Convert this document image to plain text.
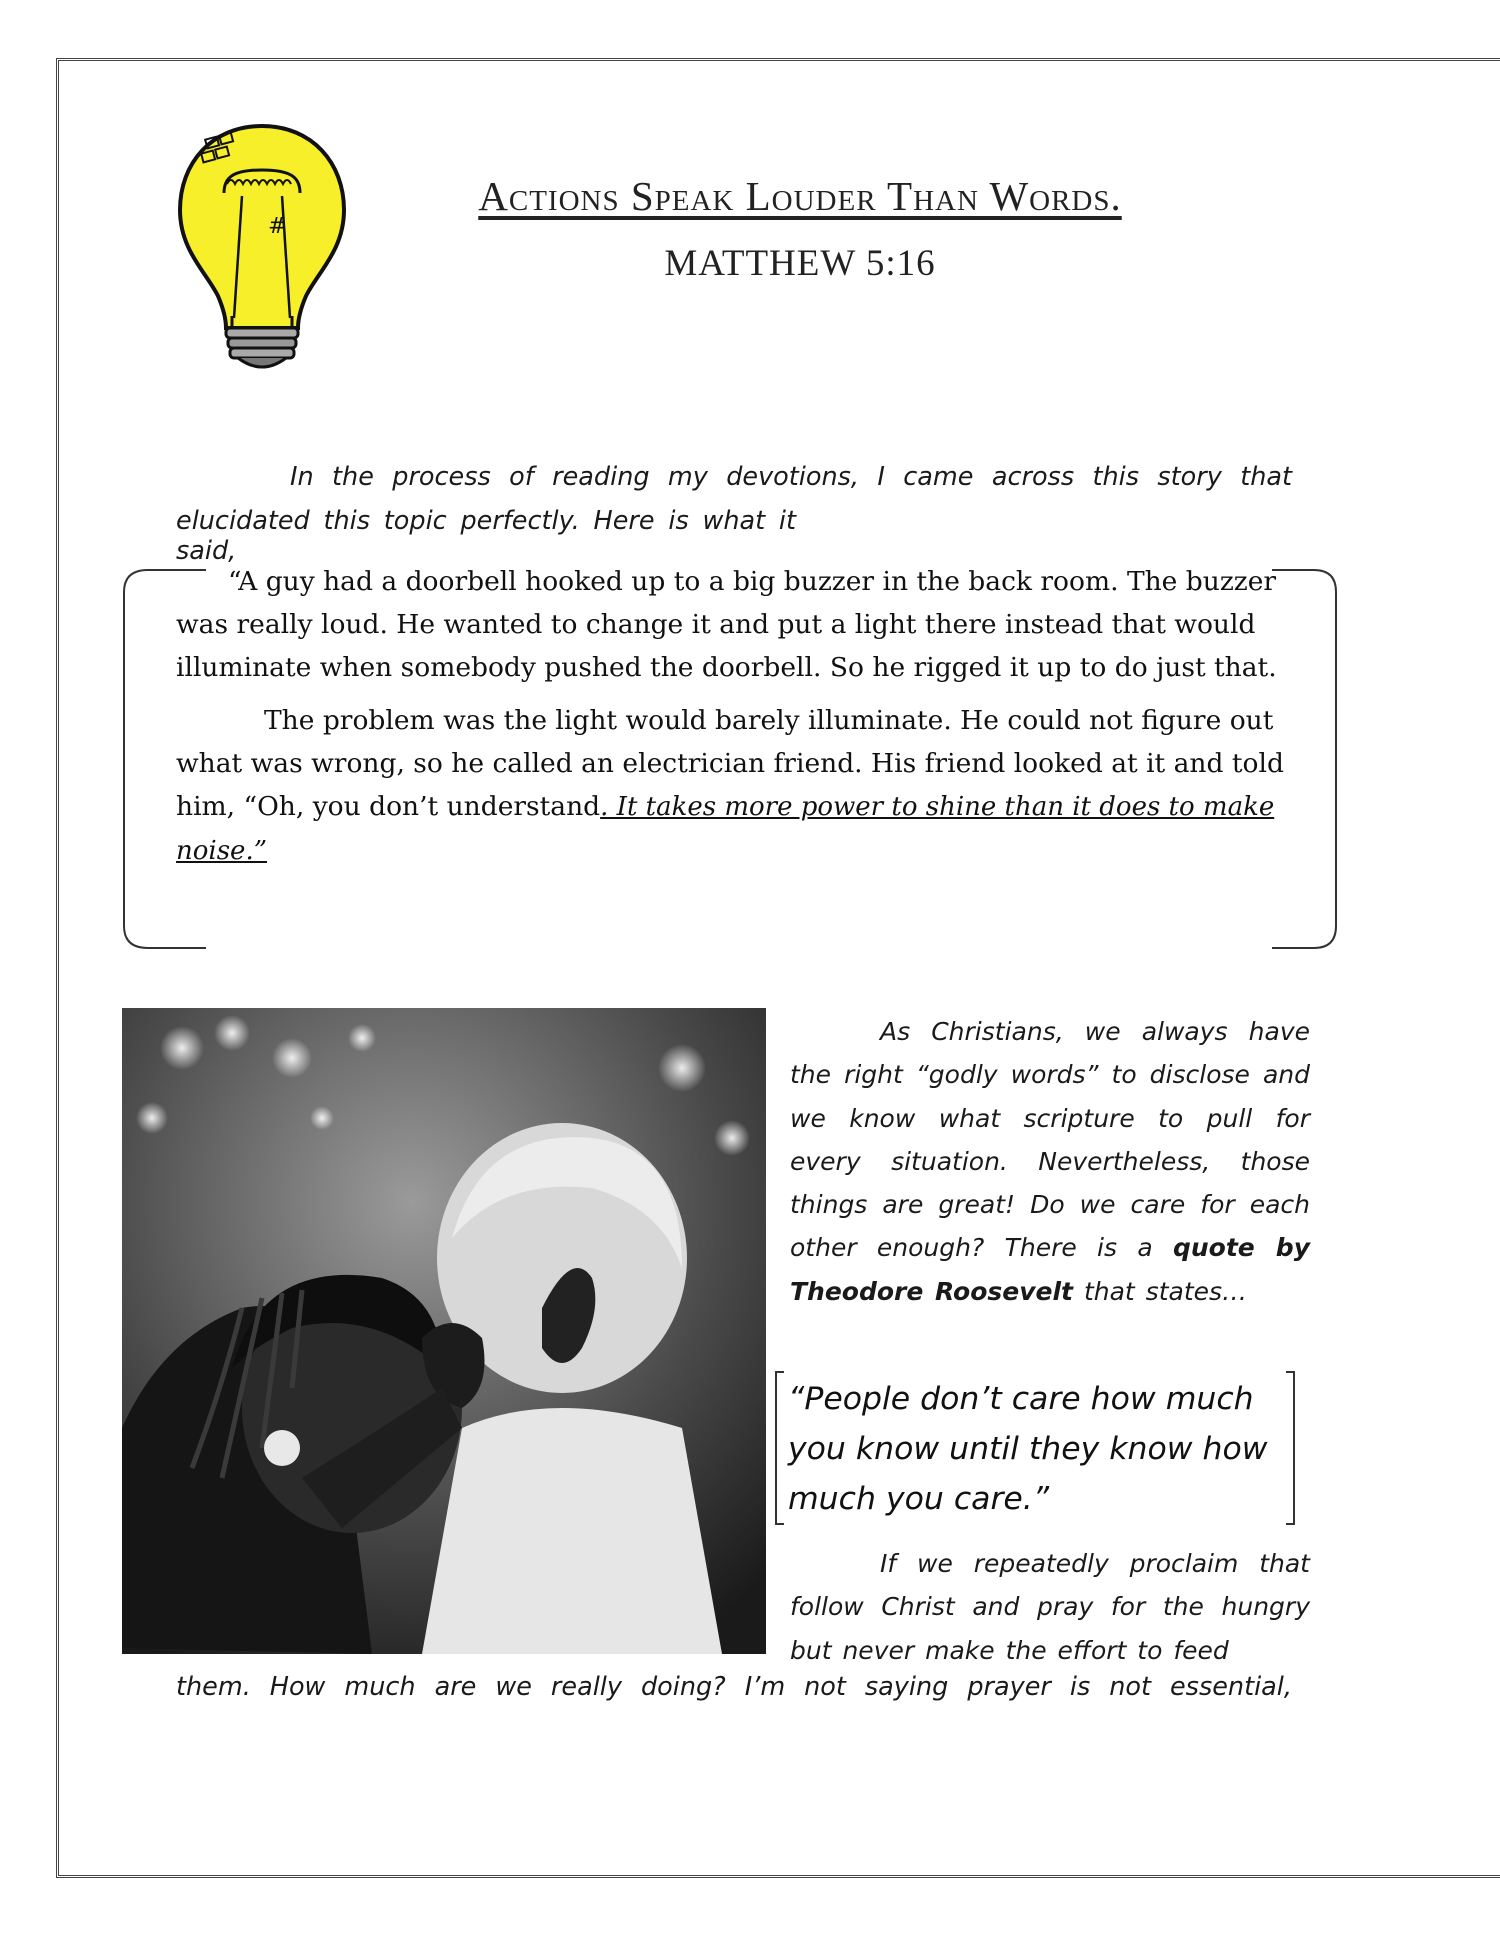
#
Actions Speak Louder Than Words.
MATTHEW 5:16
In the process of reading my devotions, I came across this story that
elucidated this topic perfectly. Here is what it said,

“A guy had a doorbell hooked up to a big buzzer in the back room. The buzzer was really loud. He wanted to change it and put a light there instead that would illuminate when somebody pushed the doorbell. So he rigged it up to do just that.

The problem was the light would barely illuminate. He could not figure out what was wrong, so he called an electrician friend. His friend looked at it and told him, “Oh, you don’t understand. It takes more power to shine than it does to make noise.”

As Christians, we always have the right “godly words” to disclose and we know what scripture to pull for every situation. Nevertheless, those things are great! Do we care for each other enough? There is a quote by Theodore Roosevelt that states…
“People don’t care how much you know until they know how much you care.”
If we repeatedly proclaim that follow Christ and pray for the hungry but never make the effort to feed
them. How much are we really doing? I’m not saying prayer is not essential,
